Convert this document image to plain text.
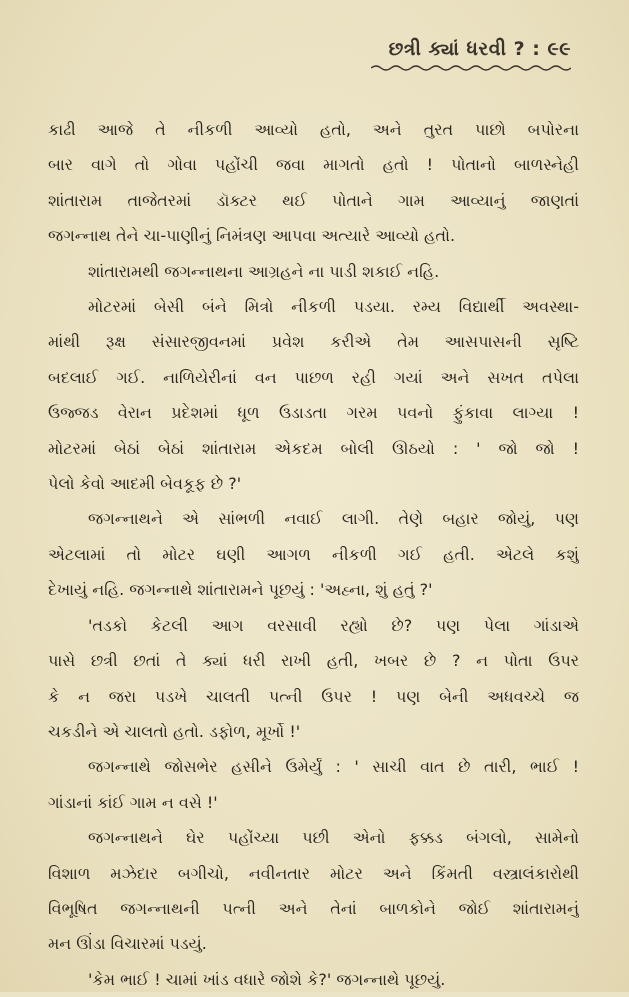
છત્રી ક્યાં ધરવી ? : ૯૯
કાઢી આજે તે નીકળી આવ્યો હતો, અને તુરત પાછો બપોરના
બાર વાગે તો ગોવા પહોંચી જવા માગતો હતો ! પોતાનો બાળસ્નેહી
શાંતારામ તાજેતરમાં ડૉક્ટર થઈ પોતાને ગામ આવ્યાનું જાણતાં
જગન્નાથ તેને ચા-પાણીનું નિમંત્રણ આપવા અત્યારે આવ્યો હતો.
શાંતારામથી જગન્નાથના આગ્રહને ના પાડી શકાઈ નહિ.
મોટરમાં બેસી બંને મિત્રો નીકળી પડયા. રમ્ય વિદ્યાર્થી અવસ્થા-
માંથી રૂક્ષ સંસારજીવનમાં પ્રવેશ કરીએ તેમ આસપાસની સૃષ્ટિ
બદલાઈ ગઈ. નાળિયેરીનાં વન પાછળ રહી ગયાં અને સખત તપેલા
ઉજ્જડ વેરાન પ્રદેશમાં ધૂળ ઉડાડતા ગરમ પવનો ફુંકાવા લાગ્યા !
મોટરમાં બેઠાં બેઠાં શાંતારામ એકદમ બોલી ઊઠયો : ' જો જો !
પેલો કેવો આદમી બેવકૂફ છે ?'
જગન્નાથને એ સાંભળી નવાઈ લાગી. તેણે બહાર જોયું, પણ
એટલામાં તો મોટર ઘણી આગળ નીકળી ગઈ હતી. એટલે કશું
દેખાયું નહિ. જગન્નાથે શાંતારામને પૂછયું : 'અહ્ના, શું હતું ?'
'તડકો કેટલી આગ વરસાવી રહ્યો છે? પણ પેલા ગાંડાએ
પાસે છત્રી છતાં તે ક્યાં ધરી રાખી હતી, ખબર છે ? ન પોતા ઉપર
કે ન જરા પડખે ચાલતી પત્ની ઉપર ! પણ બેની અધવચ્ચે જ
ચકડીને એ ચાલતો હતો. ડફોળ, મૂર્ખો !'
જગન્નાથે જોસભેર હસીને ઉમેર્યું : ' સાચી વાત છે તારી, ભાઈ !
ગાંડાનાં કાંઈ ગામ ન વસે !'
જગન્નાથને ઘેર પહોંચ્યા પછી એનો ફક્કડ બંગલો, સામેનો
વિશાળ મઝેદાર બગીચો, નવીનતાર મોટર અને કિંમતી વસ્ત્રાલંકારોથી
વિભૂષિત જગન્નાથની પત્ની અને તેનાં બાળકોને જોઈ શાંતારામનું
મન ઊંડા વિચારમાં પડયું.
'કેમ ભાઈ ! ચામાં ખાંડ વધારે જોશે કે?' જગન્નાથે પૂછયું.
